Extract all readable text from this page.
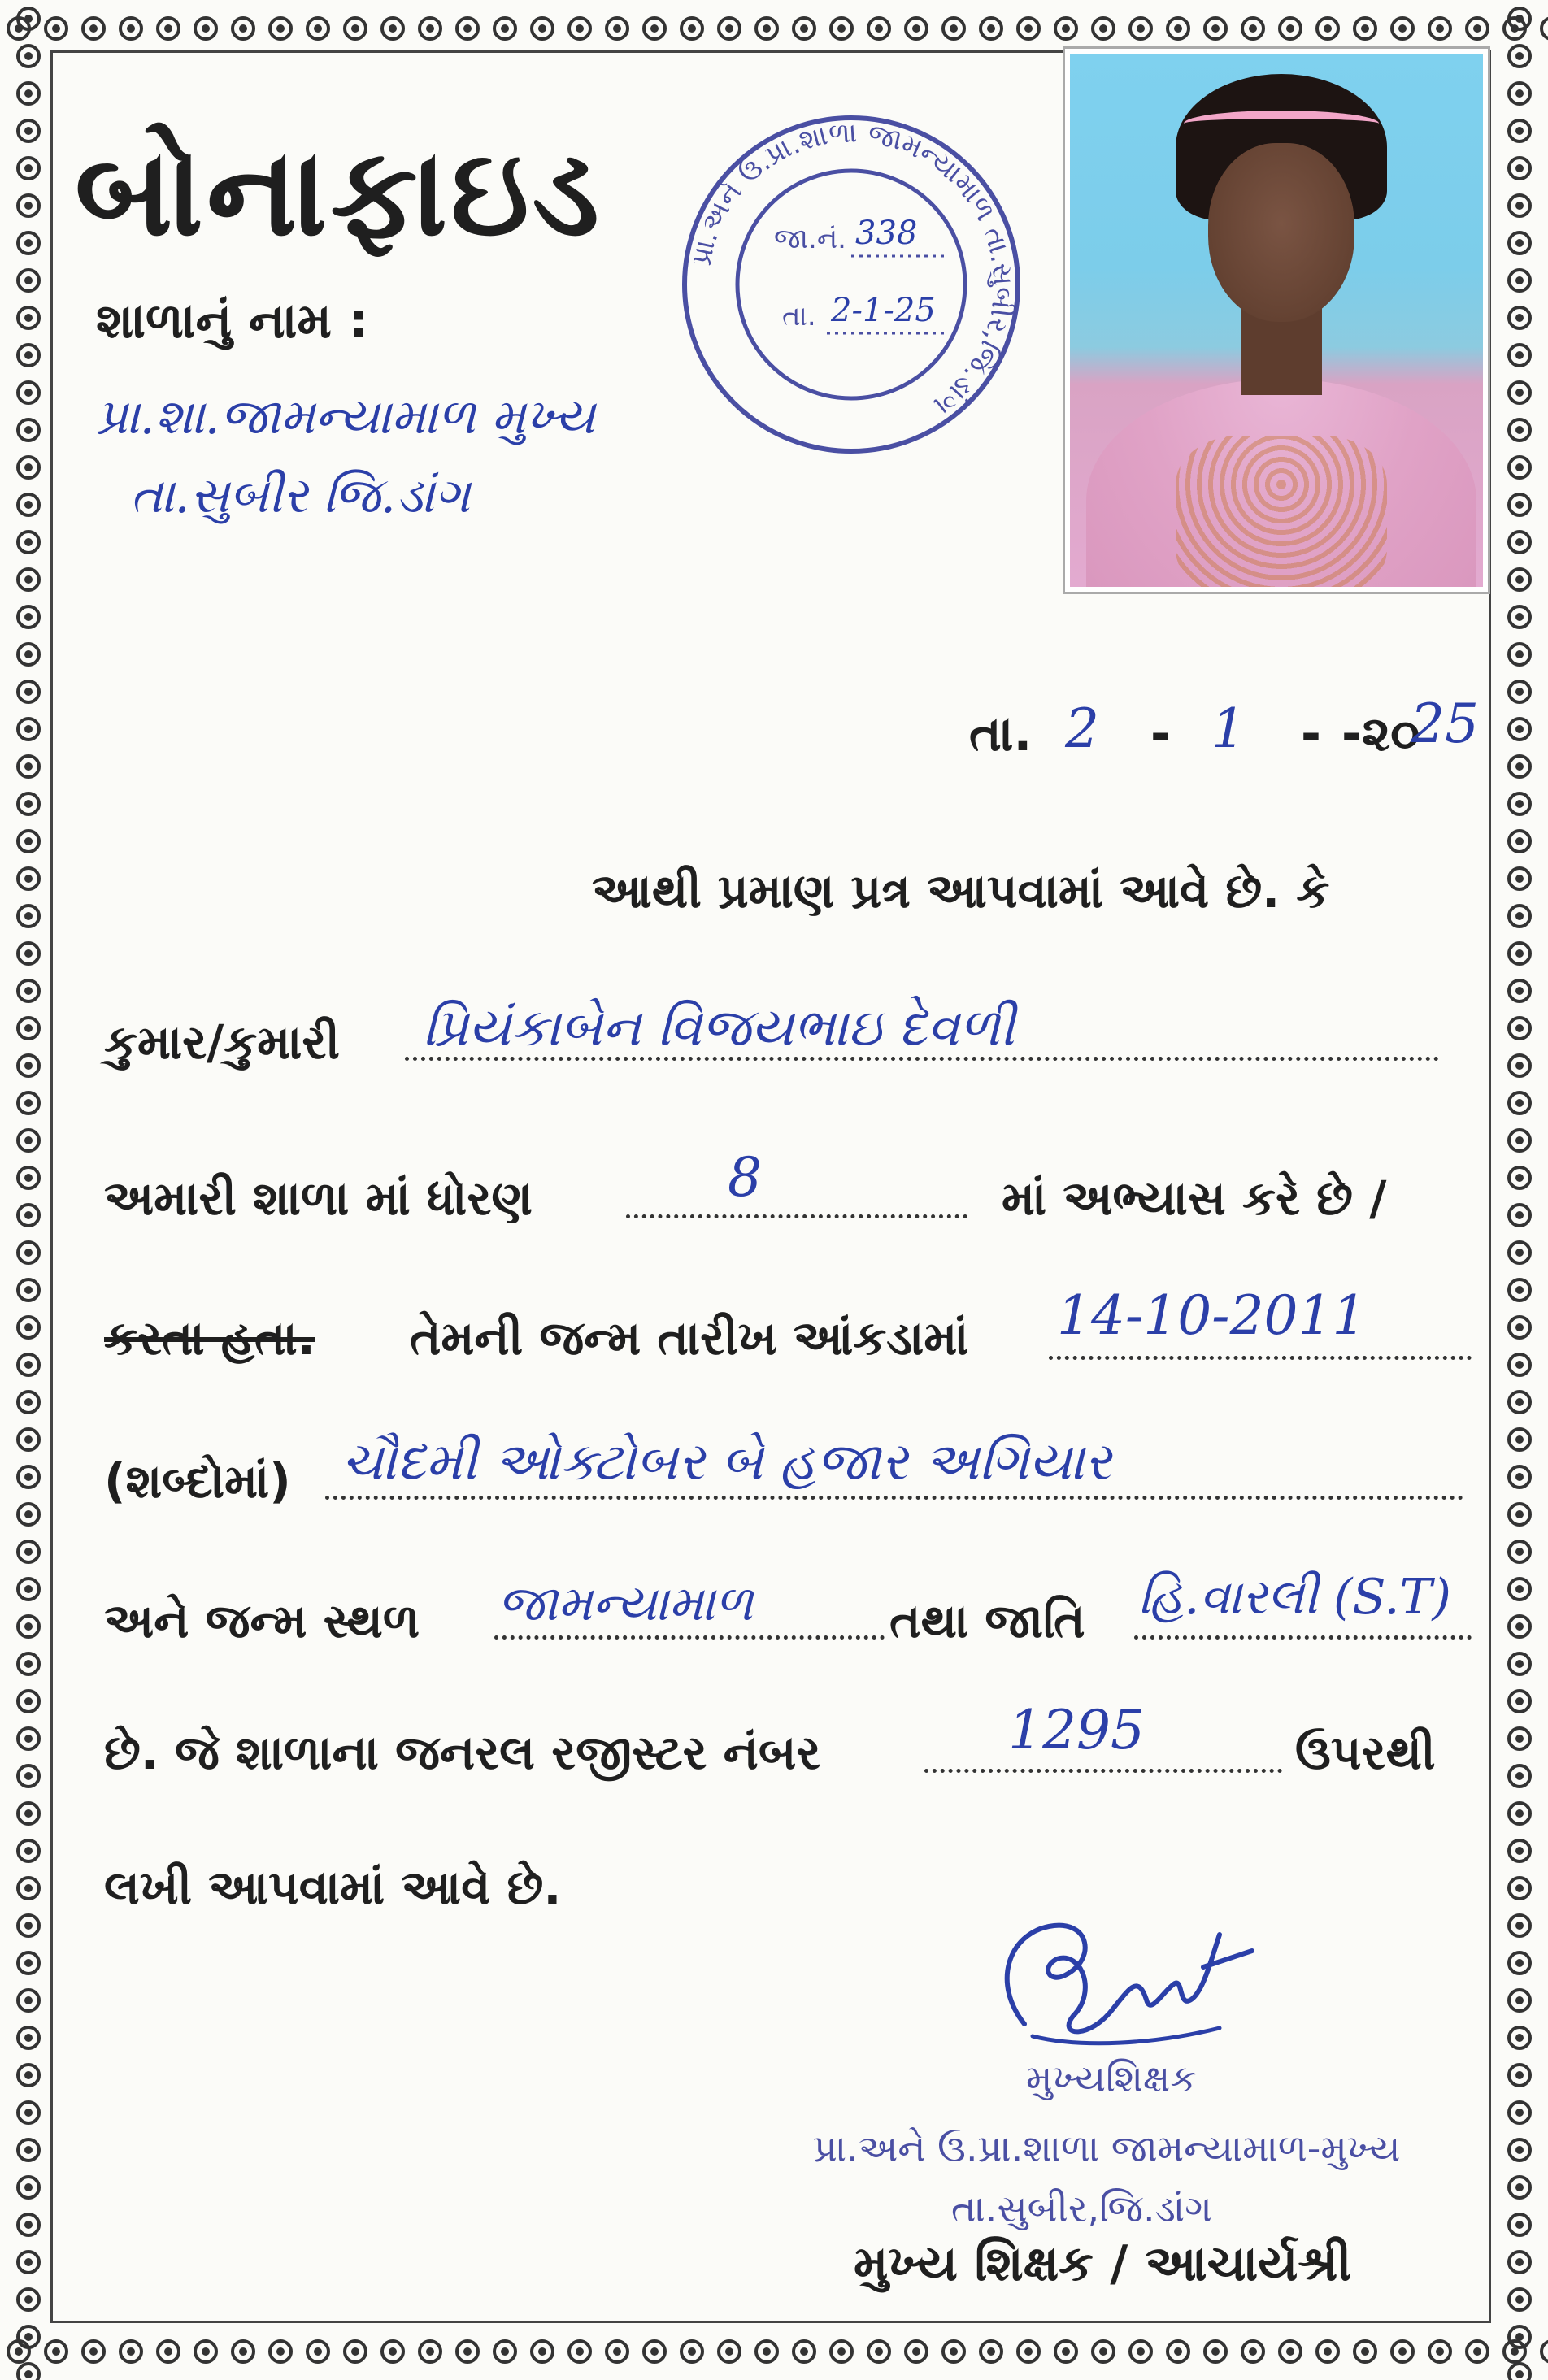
બોનાફાઇડ
શાળાનું નામ :
પ્રા.શા.જામન્યામાળ મુખ્ય
તા.સુબીર જિ.ડાંગ
પ્રા.અને ઉ.પ્રા.શાળા જામન્યામાળ તા.સુબીર,જિ.ડાંગ
જા.નં. 338
તા. 2-1-25
તા. 2 - 1 - -૨૦
25
આથી પ્રમાણ પ્રત્ર આપવામાં આવે છે. કે
કુમાર/કુમારી પ્રિયંકાબેન વિજયભાઇ દેવળી
અમારી શાળા માં ધોરણ	8	માં અભ્યાસ કરે છે /
કરતા હતા. તેમની જન્મ તારીખ આંકડામાં 14-10-2011
(શબ્દોમાં) ચૌદમી ઓક્ટોબર બે હજાર અગિયાર
અને જન્મ સ્થળ જામન્યામાળ	તથા જાતિ હિ.વારલી (S.T)
છે. જે શાળાના જનરલ રજીસ્ટર નંબર	1295	ઉપરથી
લખી આપવામાં આવે છે.
મુખ્યશિક્ષક
પ્રા.અને ઉ.પ્રા.શાળા જામન્યામાળ-મુખ્ય
તા.સુબીર,જિ.ડાંગ
મુખ્ય શિક્ષક / આચાર્યશ્રી
